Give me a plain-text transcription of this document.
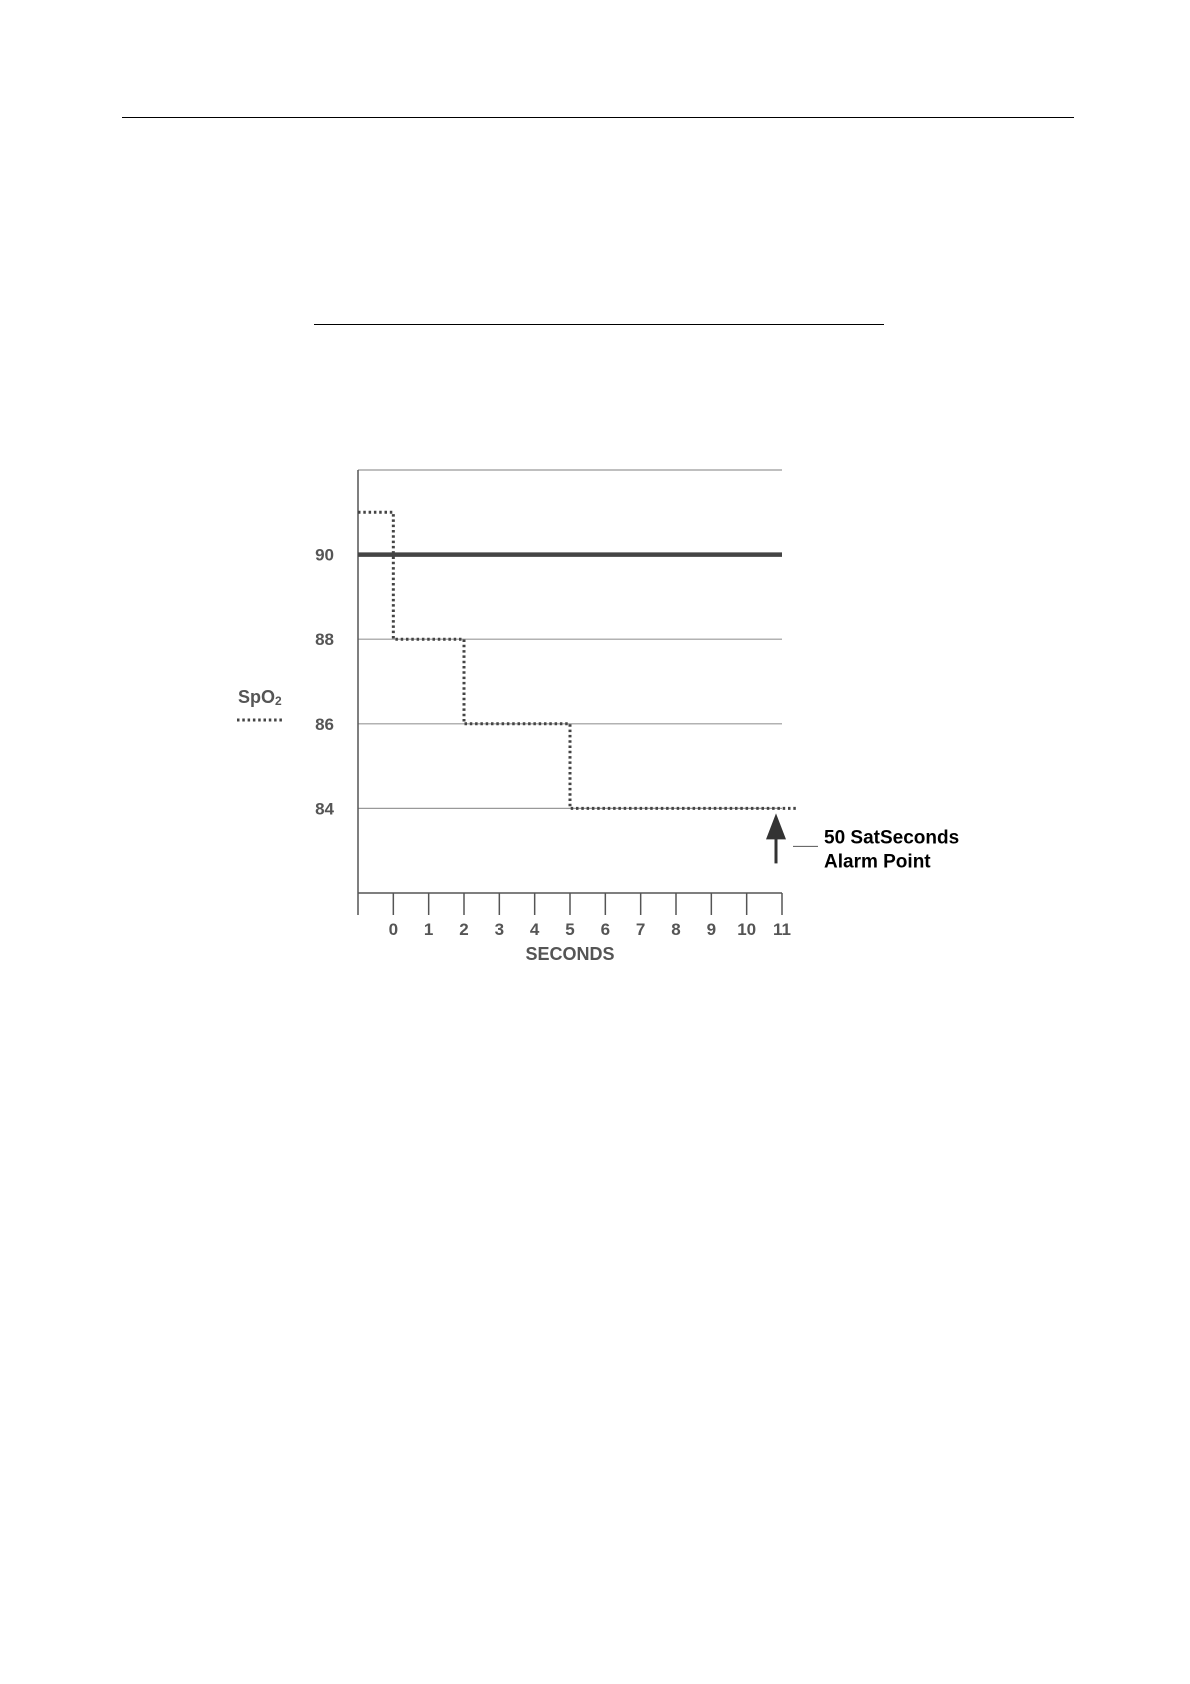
0 1 2 3 4 5 6 7 8 9 10 11
84
86
88
90
SpO2
SECONDS
50 SatSeconds
Alarm Point
